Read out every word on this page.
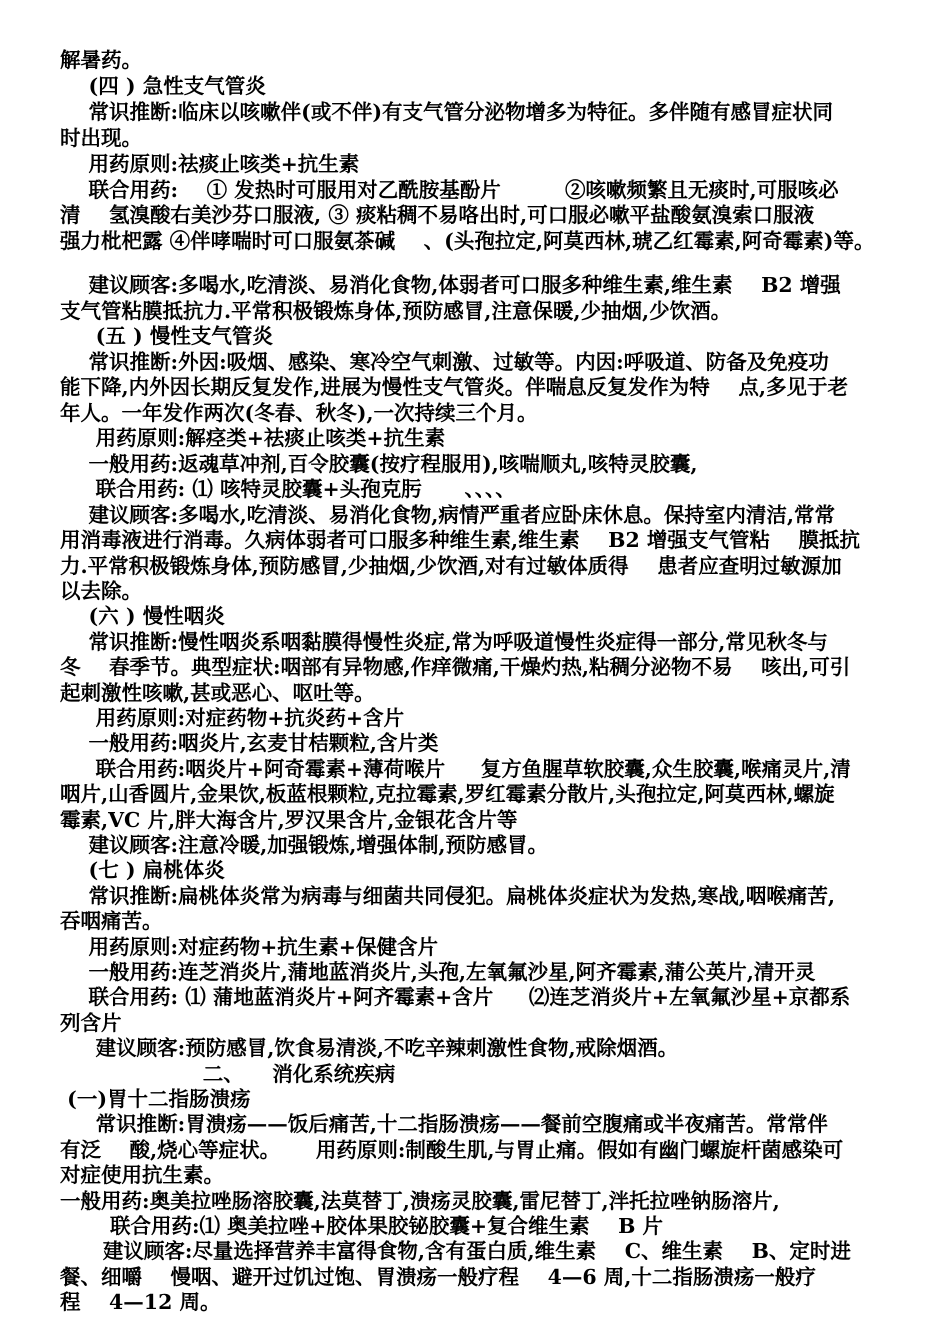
解暑药。
(四 ) 急性支气管炎
常识推断:临床以咳嗽伴(或不伴)有支气管分泌物增多为特征。多伴随有感冒症状同
时出现。
用药原则:祛痰止咳类+抗生素
联合用药:    ① 发热时可服用对乙酰胺基酚片         ②咳嗽频繁且无痰时,可服咳必
清    氢溴酸右美沙芬口服液, ③ 痰粘稠不易咯出时,可口服必嗽平盐酸氨溴索口服液
强力枇杷露 ④伴哮喘时可口服氨茶碱    、(头孢拉定,阿莫西林,琥乙红霉素,阿奇霉素)等。
建议顾客:多喝水,吃清淡、易消化食物,体弱者可口服多种维生素,维生素    B2 增强
支气管粘膜抵抗力.平常积极锻炼身体,预防感冒,注意保暖,少抽烟,少饮酒。
(五 ) 慢性支气管炎
常识推断:外因:吸烟、感染、寒冷空气刺激、过敏等。内因:呼吸道、防备及免疫功
能下降,内外因长期反复发作,进展为慢性支气管炎。伴喘息反复发作为特    点,多见于老
年人。一年发作两次(冬春、秋冬),一次持续三个月。
用药原则:解痉类+祛痰止咳类+抗生素
一般用药:返魂草冲剂,百令胶囊(按疗程服用),咳喘顺丸,咳特灵胶囊,
联合用药: ⑴ 咳特灵胶囊+头孢克肟      、、、、
建议顾客:多喝水,吃清淡、易消化食物,病情严重者应卧床休息。保持室内清洁,常常
用消毒液进行消毒。久病体弱者可口服多种维生素,维生素    B2 增强支气管粘    膜抵抗
力.平常积极锻炼身体,预防感冒,少抽烟,少饮酒,对有过敏体质得    患者应查明过敏源加
以去除。
(六 ) 慢性咽炎
常识推断:慢性咽炎系咽黏膜得慢性炎症,常为呼吸道慢性炎症得一部分,常见秋冬与
冬    春季节。典型症状:咽部有异物感,作痒微痛,干燥灼热,粘稠分泌物不易    咳出,可引
起刺激性咳嗽,甚或恶心、呕吐等。
用药原则:对症药物+抗炎药+含片
一般用药:咽炎片,玄麦甘桔颗粒,含片类
联合用药:咽炎片+阿奇霉素+薄荷喉片     复方鱼腥草软胶囊,众生胶囊,喉痛灵片,清
咽片,山香圆片,金果饮,板蓝根颗粒,克拉霉素,罗红霉素分散片,头孢拉定,阿莫西林,螺旋
霉素,VC 片,胖大海含片,罗汉果含片,金银花含片等
建议顾客:注意冷暖,加强锻炼,增强体制,预防感冒。
(七 ) 扁桃体炎
常识推断:扁桃体炎常为病毒与细菌共同侵犯。扁桃体炎症状为发热,寒战,咽喉痛苦,
吞咽痛苦。
用药原则:对症药物+抗生素+保健含片
一般用药:连芝消炎片,蒲地蓝消炎片,头孢,左氧氟沙星,阿齐霉素,蒲公英片,清开灵
联合用药: ⑴ 蒲地蓝消炎片+阿齐霉素+含片     ⑵连芝消炎片+左氧氟沙星+京都系
列含片
建议顾客:预防感冒,饮食易清淡,不吃辛辣刺激性食物,戒除烟酒。
二、    消化系统疾病
(一)胃十二指肠溃疡
常识推断:胃溃疡——饭后痛苦,十二指肠溃疡——餐前空腹痛或半夜痛苦。常常伴
有泛    酸,烧心等症状。     用药原则:制酸生肌,与胃止痛。假如有幽门螺旋杆菌感染可
对症使用抗生素。
一般用药:奥美拉唑肠溶胶囊,法莫替丁,溃疡灵胶囊,雷尼替丁,泮托拉唑钠肠溶片,
联合用药:⑴ 奥美拉唑+胶体果胶铋胶囊+复合维生素    B 片
建议顾客:尽量选择营养丰富得食物,含有蛋白质,维生素    C、维生素    B、定时进
餐、细嚼    慢咽、避开过饥过饱、胃溃疡一般疗程    4—6 周,十二指肠溃疡一般疗
程    4—12 周。
